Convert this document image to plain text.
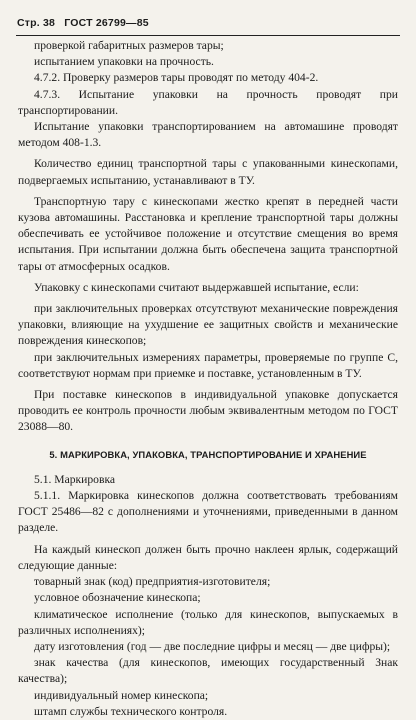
Стр. 38 ГОСТ 26799—85

проверкой габаритных размеров тары;

испытанием упаковки на прочность.

4.7.2. Проверку размеров тары проводят по методу 404-2.

4.7.3. Испытание упаковки на прочность проводят при транспортировании.

Испытание упаковки транспортированием на автомашине проводят методом 408-1.3.

Количество единиц транспортной тары с упакованными кинескопами, подвергаемых испытанию, устанавливают в ТУ.

Транспортную тару с кинескопами жестко крепят в передней части кузова автомашины. Расстановка и крепление транспортной тары должны обеспечивать ее устойчивое положение и отсутствие смещения во время испытания. При испытании должна быть обеспечена защита транспортной тары от атмосферных осадков.

Упаковку с кинескопами считают выдержавшей испытание, если:

при заключительных проверках отсутствуют механические повреждения упаковки, влияющие на ухудшение ее защитных свойств и механические повреждения кинескопов;

при заключительных измерениях параметры, проверяемые по группе С, соответствуют нормам при приемке и поставке, установленным в ТУ.

При поставке кинескопов в индивидуальной упаковке допускается проводить ее контроль прочности любым эквивалентным методом по ГОСТ 23088—80.

5. МАРКИРОВКА, УПАКОВКА, ТРАНСПОРТИРОВАНИЕ И ХРАНЕНИЕ

5.1. Маркировка

5.1.1. Маркировка кинескопов должна соответствовать требованиям ГОСТ 25486—82 с дополнениями и уточнениями, приведенными в данном разделе.

На каждый кинескоп должен быть прочно наклеен ярлык, содержащий следующие данные:

товарный знак (код) предприятия-изготовителя;

условное обозначение кинескопа;

климатическое исполнение (только для кинескопов, выпускаемых в различных исполнениях);

дату изготовления (год — две последние цифры и месяц — две цифры);

знак качества (для кинескопов, имеющих государственный Знак качества);

индивидуальный номер кинескопа;

штамп службы технического контроля.
